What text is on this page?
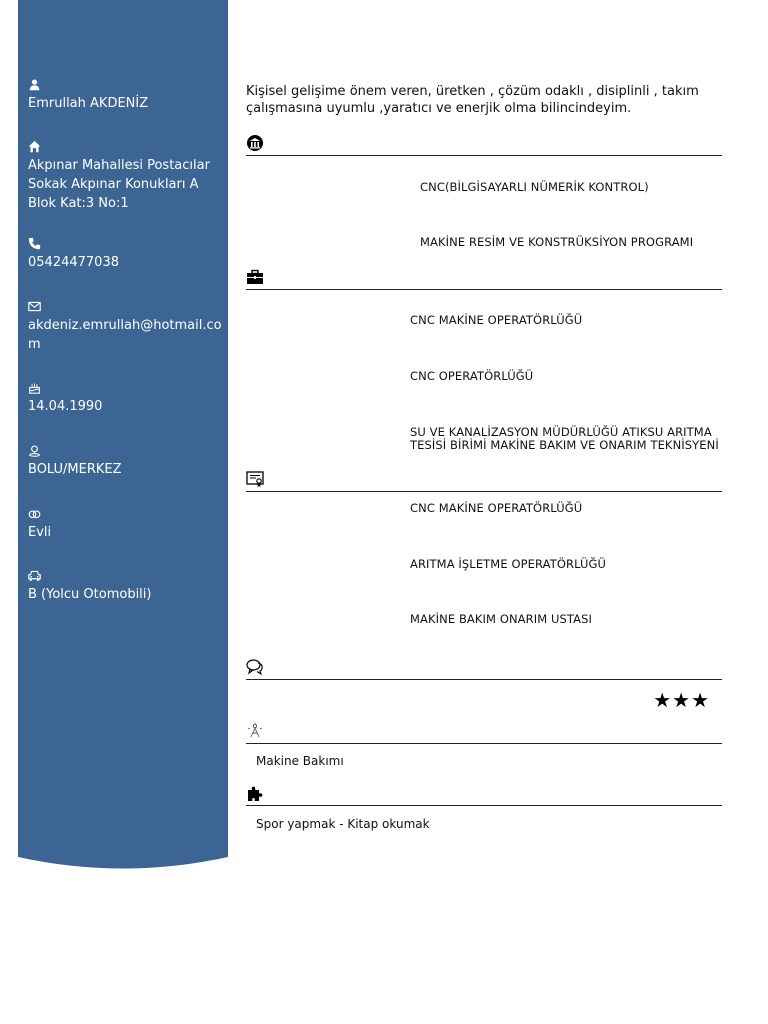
Emrullah AKDENİZ
Akpınar Mahallesi Postacılar Sokak Akpınar Konukları A Blok Kat:3 No:1
05424477038
akdeniz.emrullah@hotmail.com
14.04.1990
BOLU/MERKEZ
Evli
B (Yolcu Otomobili)
Kişisel gelişime önem veren, üretken , çözüm odaklı , disiplinli , takım çalışmasına uyumlu ,yaratıcı ve enerjik olma bilincindeyim.
CNC(BİLGİSAYARLI NÜMERİK KONTROL)
MAKİNE RESİM VE KONSTRÜKSİYON PROGRAMI
CNC MAKİNE OPERATÖRLÜĞÜ
CNC OPERATÖRLÜĞÜ
SU VE KANALİZASYON MÜDÜRLÜĞÜ ATIKSU ARITMA TESİSİ BİRİMİ MAKİNE BAKIM VE ONARIM TEKNİSYENİ
CNC MAKİNE OPERATÖRLÜĞÜ
ARITMA İŞLETME OPERATÖRLÜĞÜ
MAKİNE BAKIM ONARIM USTASI
★★★
Makine Bakımı
Spor yapmak - Kitap okumak
